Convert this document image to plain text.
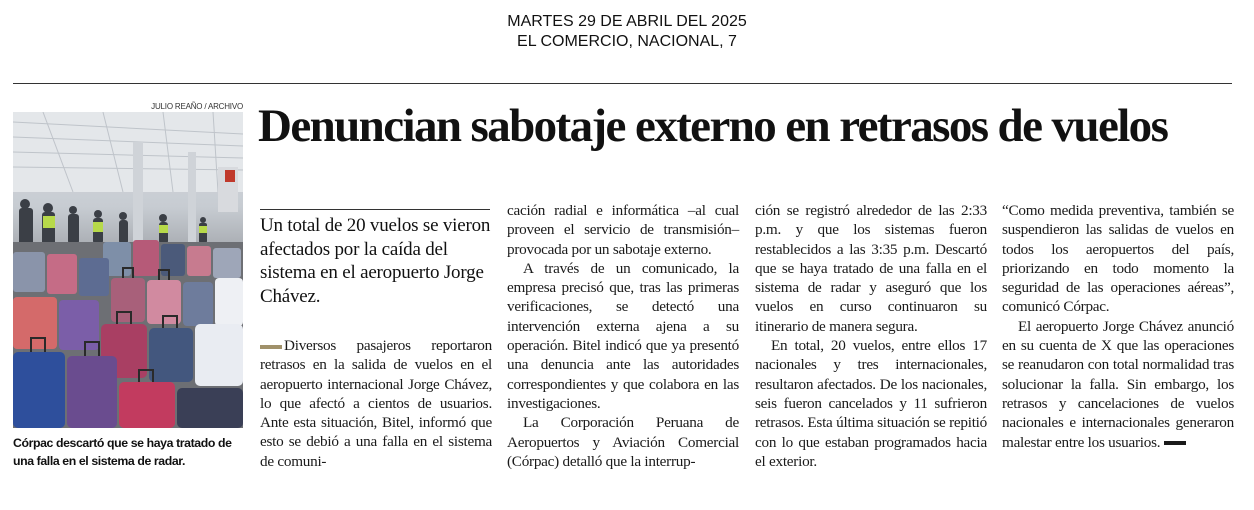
MARTES 29 DE ABRIL DEL 2025
EL COMERCIO, NACIONAL, 7
JULIO REAÑO / ARCHIVO
Córpac descartó que se haya tratado de una falla en el sistema de radar.
Denuncian sabotaje externo en retrasos de vuelos
Un total de 20 vuelos se vieron afectados por la caída del sistema en el aeropuerto Jorge Chávez.

Diversos pasajeros reportaron retrasos en la salida de vuelos en el aeropuerto internacional Jorge Chávez, lo que afectó a cientos de usuarios. Ante esta situación, Bitel, informó que esto se debió a una falla en el sistema de comuni-

cación radial e informática –al cual proveen el servicio de transmisión– provocada por un sabotaje externo.

A través de un comunicado, la empresa precisó que, tras las primeras verificaciones, se detectó una intervención externa ajena a su operación. Bitel indicó que ya presentó una denuncia ante las autoridades correspondientes y que colabora en las investigaciones.

La Corporación Peruana de Aeropuertos y Aviación Comercial (Córpac) detalló que la interrup-

ción se registró alrededor de las 2:33 p.m. y que los sistemas fueron restablecidos a las 3:35 p.m. Descartó que se haya tratado de una falla en el sistema de radar y aseguró que los vuelos en curso continuaron su itinerario de manera segura.

En total, 20 vuelos, entre ellos 17 nacionales y tres internacionales, resultaron afectados. De los nacionales, seis fueron cancelados y 11 sufrieron retrasos. Esta última situación se repitió con lo que estaban programados hacia el exterior.

“Como medida preventiva, también se suspendieron las salidas de vuelos en todos los aeropuertos del país, priorizando en todo momento la seguridad de las operaciones aéreas”, comunicó Córpac.

El aeropuerto Jorge Chávez anunció en su cuenta de X que las operaciones se reanudaron con total normalidad tras solucionar la falla. Sin embargo, los retrasos y cancelaciones de vuelos nacionales e internacionales generaron malestar entre los usuarios.
